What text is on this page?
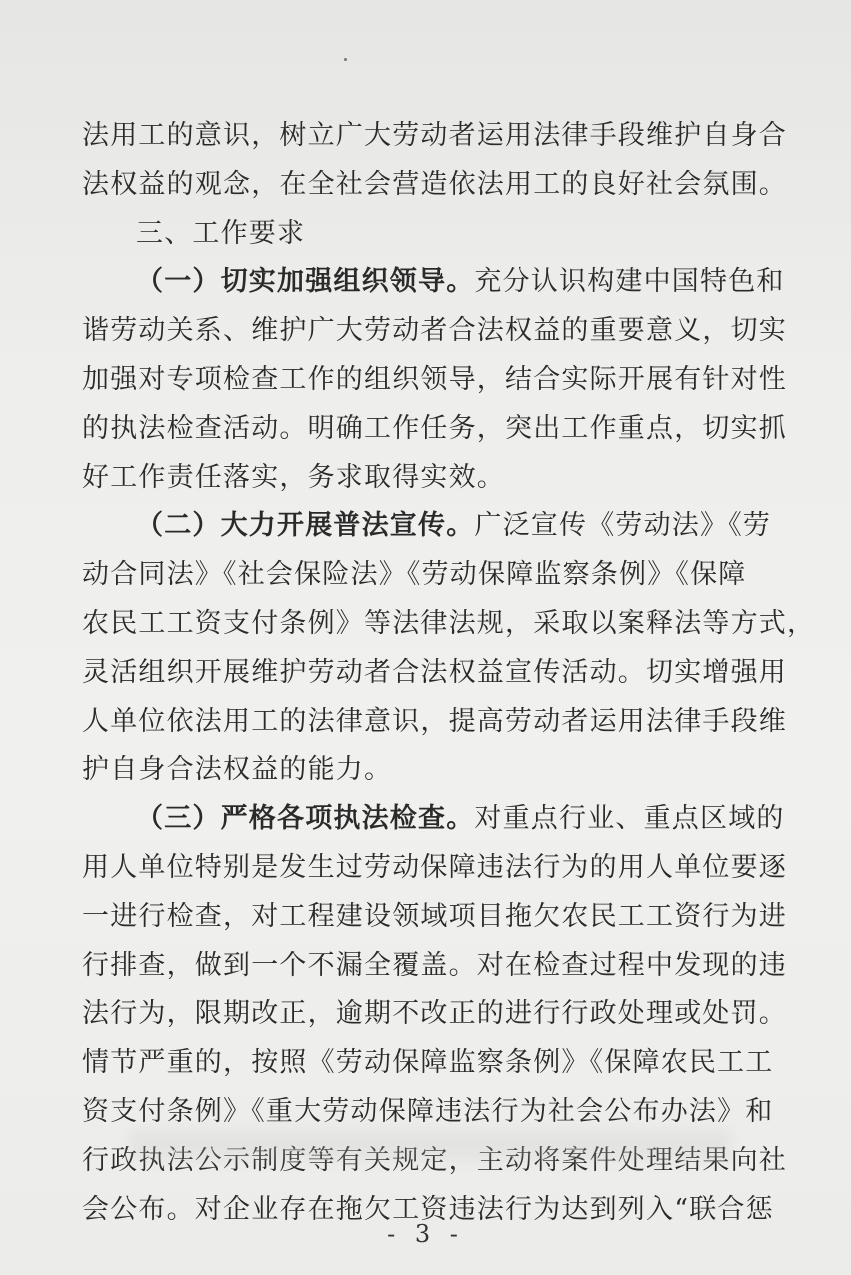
法用工的意识，树立广大劳动者运用法律手段维护自身合
法权益的观念，在全社会营造依法用工的良好社会氛围。
三、工作要求
（一）切实加强组织领导。充分认识构建中国特色和
谐劳动关系、维护广大劳动者合法权益的重要意义，切实
加强对专项检查工作的组织领导，结合实际开展有针对性
的执法检查活动。明确工作任务，突出工作重点，切实抓
好工作责任落实，务求取得实效。
（二）大力开展普法宣传。广泛宣传《劳动法》《劳
动合同法》《社会保险法》《劳动保障监察条例》《保障
农民工工资支付条例》等法律法规，采取以案释法等方式，
灵活组织开展维护劳动者合法权益宣传活动。切实增强用
人单位依法用工的法律意识，提高劳动者运用法律手段维
护自身合法权益的能力。
（三）严格各项执法检查。对重点行业、重点区域的
用人单位特别是发生过劳动保障违法行为的用人单位要逐
一进行检查，对工程建设领域项目拖欠农民工工资行为进
行排查，做到一个不漏全覆盖。对在检查过程中发现的违
法行为，限期改正，逾期不改正的进行行政处理或处罚。
情节严重的，按照《劳动保障监察条例》《保障农民工工
资支付条例》《重大劳动保障违法行为社会公布办法》和
行政执法公示制度等有关规定，主动将案件处理结果向社
会公布。对企业存在拖欠工资违法行为达到列入“联合惩
- 3 -
